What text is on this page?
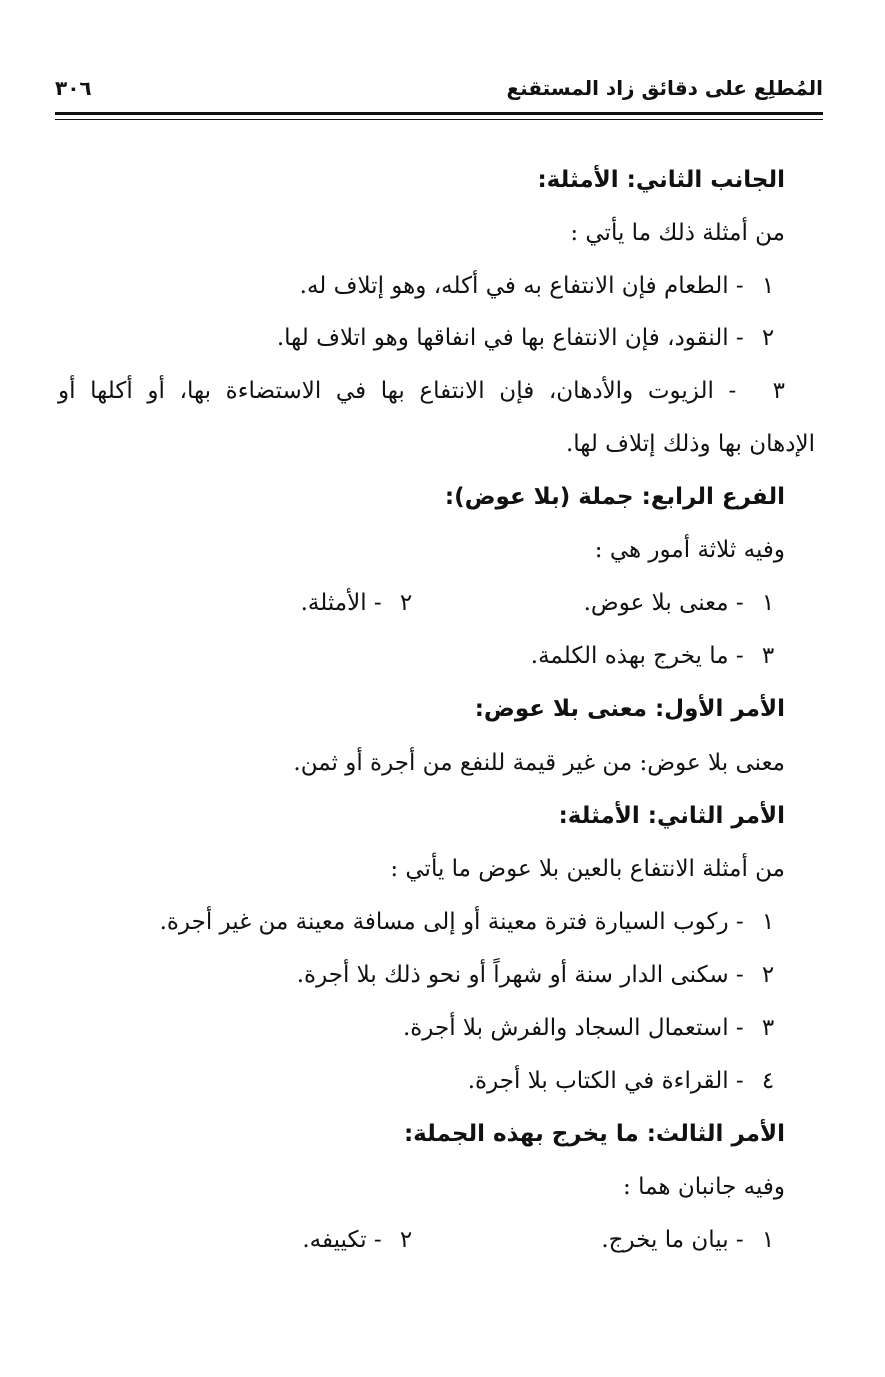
المُطلِع على دقائق زاد المستقنع
٣٠٦
الجانب الثاني: الأمثلة:
من أمثلة ذلك ما يأتي :
١ - الطعام فإن الانتفاع به في أكله، وهو إتلاف له.
٢ - النقود، فإن الانتفاع بها في انفاقها وهو اتلاف لها.
٣ - الزيوت والأدهان، فإن الانتفاع بها في الاستضاءة بها، أو أكلها أو
الإدهان بها وذلك إتلاف لها.
الفرع الرابع: جملة (بلا عوض):
وفيه ثلاثة أمور هي :
١ - معنى بلا عوض.
٢ - الأمثلة.
٣ - ما يخرج بهذه الكلمة.
الأمر الأول: معنى بلا عوض:
معنى بلا عوض: من غير قيمة للنفع من أجرة أو ثمن.
الأمر الثاني: الأمثلة:
من أمثلة الانتفاع بالعين بلا عوض ما يأتي :
١ - ركوب السيارة فترة معينة أو إلى مسافة معينة من غير أجرة.
٢ - سكنى الدار سنة أو شهراً أو نحو ذلك بلا أجرة.
٣ - استعمال السجاد والفرش بلا أجرة.
٤ - القراءة في الكتاب بلا أجرة.
الأمر الثالث: ما يخرج بهذه الجملة:
وفيه جانبان هما :
١ - بيان ما يخرج.
٢ - تكييفه.
